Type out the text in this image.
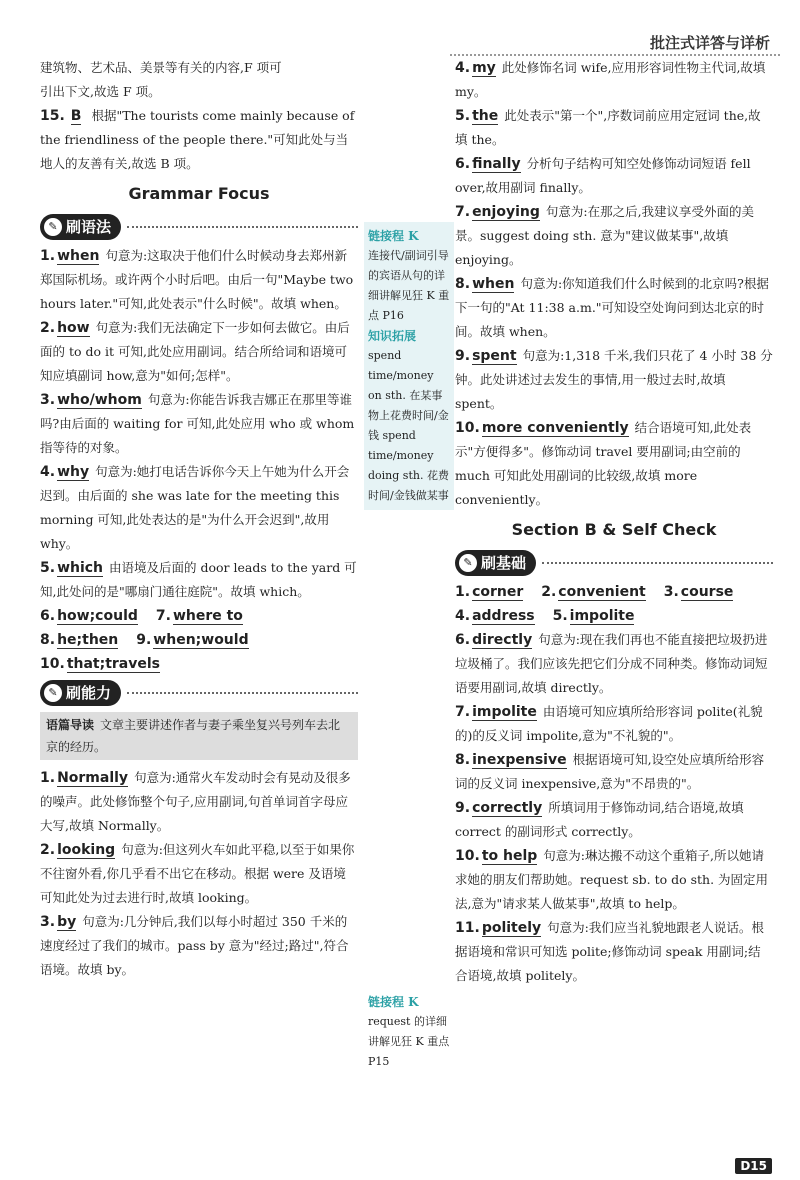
批注式详答与详析

建筑物、艺术品、美景等有关的内容,F 项可

引出下文,故选 F 项。

15. B 根据"The tourists come mainly because of the friendliness of the people there."可知此处与当地人的友善有关,故选 B 项。

Grammar Focus
✎ 刷语法

1. when 句意为:这取决于他们什么时候动身去郑州新郑国际机场。或许两个小时后吧。由后一句"Maybe two hours later."可知,此处表示"什么时候"。故填 when。

2. how 句意为:我们无法确定下一步如何去做它。由后面的 to do it 可知,此处应用副词。结合所给词和语境可知应填副词 how,意为"如何;怎样"。

3. who/whom 句意为:你能告诉我吉娜正在那里等谁吗?由后面的 waiting for 可知,此处应用 who 或 whom 指等待的对象。

4. why 句意为:她打电话告诉你今天上午她为什么开会迟到。由后面的 she was late for the meeting this morning 可知,此处表达的是"为什么开会迟到",故用 why。

5. which 由语境及后面的 door leads to the yard 可知,此处问的是"哪扇门通往庭院"。故填 which。

6. how;could 7. where to

8. he;then 9. when;would

10. that;travels

✎ 刷能力
语篇导读 文章主要讲述作者与妻子乘坐复兴号列车去北京的经历。

1. Normally 句意为:通常火车发动时会有晃动及很多的噪声。此处修饰整个句子,应用副词,句首单词首字母应大写,故填 Normally。

2. looking 句意为:但这列火车如此平稳,以至于如果你不往窗外看,你几乎看不出它在移动。根据 were 及语境可知此处为过去进行时,故填 looking。

3. by 句意为:几分钟后,我们以每小时超过 350 千米的速度经过了我们的城市。pass by 意为"经过;路过",符合语境。故填 by。

链接程 K
连接代/副词引导的宾语从句的详细讲解见狂 K 重点 P16
知识拓展
spend time/money on sth. 在某事物上花费时间/金钱 spend time/money doing sth. 花费时间/金钱做某事
链接程 K
request 的详细讲解见狂 K 重点 P15

4. my 此处修饰名词 wife,应用形容词性物主代词,故填 my。

5. the 此处表示"第一个",序数词前应用定冠词 the,故填 the。

6. finally 分析句子结构可知空处修饰动词短语 fell over,故用副词 finally。

7. enjoying 句意为:在那之后,我建议享受外面的美景。suggest doing sth. 意为"建议做某事",故填 enjoying。

8. when 句意为:你知道我们什么时候到的北京吗?根据下一句的"At 11:38 a.m."可知设空处询问到达北京的时间。故填 when。

9. spent 句意为:1,318 千米,我们只花了 4 小时 38 分钟。此处讲述过去发生的事情,用一般过去时,故填 spent。

10. more conveniently 结合语境可知,此处表示"方便得多"。修饰动词 travel 要用副词;由空前的 much 可知此处用副词的比较级,故填 more conveniently。

Section B & Self Check
✎ 刷基础

1. corner 2. convenient 3. course

4. address 5. impolite

6. directly 句意为:现在我们再也不能直接把垃圾扔进垃圾桶了。我们应该先把它们分成不同种类。修饰动词短语要用副词,故填 directly。

7. impolite 由语境可知应填所给形容词 polite(礼貌的)的反义词 impolite,意为"不礼貌的"。

8. inexpensive 根据语境可知,设空处应填所给形容词的反义词 inexpensive,意为"不昂贵的"。

9. correctly 所填词用于修饰动词,结合语境,故填 correct 的副词形式 correctly。

10. to help 句意为:琳达搬不动这个重箱子,所以她请求她的朋友们帮助她。request sb. to do sth. 为固定用法,意为"请求某人做某事",故填 to help。

11. politely 句意为:我们应当礼貌地跟老人说话。根据语境和常识可知选 polite;修饰动词 speak 用副词;结合语境,故填 politely。

D15
